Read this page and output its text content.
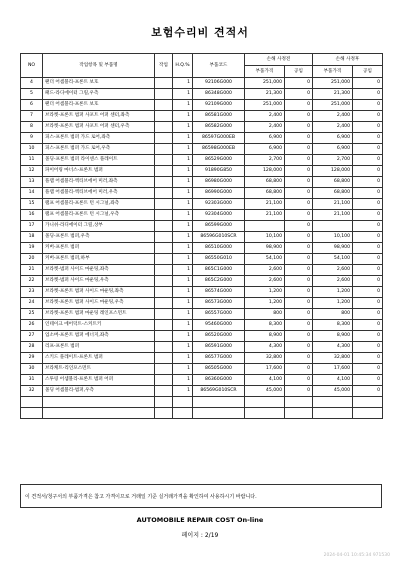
보험수리비 견적서
NO	작업항목 및 부품명	작업	H.Q.%	부품코드	손해 사정전		손해 사정후	
					부품가격	공임	부품가격	공임
4	팬더 어셈블리-프론트 보호		1	92106G000	251,000	0	251,000	0
5	패드-라디에이터 그릴,우측		1	86348G000	21,300	0	21,300	0
6	팬더 어셈블리-프론트 보호		1	92109G000	251,000	0	251,000	0
7	브라켓-프론트 범퍼 사포트 어퍼 센터,좌측		1	86581G000	2,400	0	2,400	0
8	브라켓-프론트 범퍼 사포트 어퍼 센터,우측		1	86582G000	2,400	0	2,400	0
9	피스-프론트 범퍼 가드 로어,좌측		1	86597G000EB	6,900	0	6,900	0
10	피스-프론트 범퍼 가드 로어,우측		1	86598G000EB	6,900	0	6,900	0
11	몰딩-프론트 범퍼 라이센스 플레이트		1	86529G000	2,700	0	2,700	0
12	파이어링 마너스-프론트 범퍼		1	91890G850	128,000	0	128,000	0
13	플랩 어셈블리-엑티브에어 미러,좌측		1	86980G000	68,800	0	68,800	0
14	플랩 어셈블리-엑티브에어 미러,우측		1	86990G000	68,800	0	68,800	0
15	램프 어셈블리-프론트 턴 시그널,좌측		1	92303G000	21,100	0	21,100	0
16	램프 어셈블리-프론트 턴 시그널,우측		1	92304G000	21,100	0	21,100	0
17	가니쉬-라디에이터 그릴,상부		1	86599G000		0		0
18	몰딩-프론트 범퍼,우측		1	86596G010SCR	10,100	0	10,100	0
19	커버-프론트 범퍼		1	86510G000	98,900	0	98,900	0
20	커버-프론트 범퍼,하부		1	86550G010	54,100	0	54,100	0
21	브라켓-범퍼 사이드 마운팅,좌측		1	865C1G000	2,600	0	2,600	0
22	브라켓-범퍼 사이드 마운팅,우측		1	865C2G000	2,600	0	2,600	0
23	브라켓-프론트 범퍼 사이드 마운팅,좌측		1	86574G000	1,200	0	1,200	0
24	브라켓-프론트 범퍼 사이드 마운팅,우측		1	86573G000	1,200	0	1,200	0
25	브라켓-프론트 범퍼 마운팅 레인포스먼트		1	86557G000	800	0	800	0
26	인테이크 에어덕트-스커트키		1	95460G000	8,300	0	8,300	0
27	업소버-프론트 범퍼 에너지,좌측		1	86520G000	8,900	0	8,900	0
28	리프-프론트 범퍼		1	86591G000	4,300	0	4,300	0
29	스키드 플레이트-프론트 범퍼		1	86577G000	32,800	0	32,800	0
30	브라케트-리인포스먼트		1	86505G000	17,600	0	17,600	0
31	스투링 어셈블리-프론트 범퍼 어퍼		1	86360G000	4,100	0	4,100	0
32	몰딩 어셈블리-범퍼,우측		1	86569G010SCR	45,000	0	45,000	0

이 견적서/청구서의 부품가격은 참고 가격이므로 거래일 기준 실거래가격을 확인하여 사용하시기 바랍니다.
AUTOMOBILE REPAIR COST On-line
페이지 : 2/19
2024-04-01 10:45:34 971530
